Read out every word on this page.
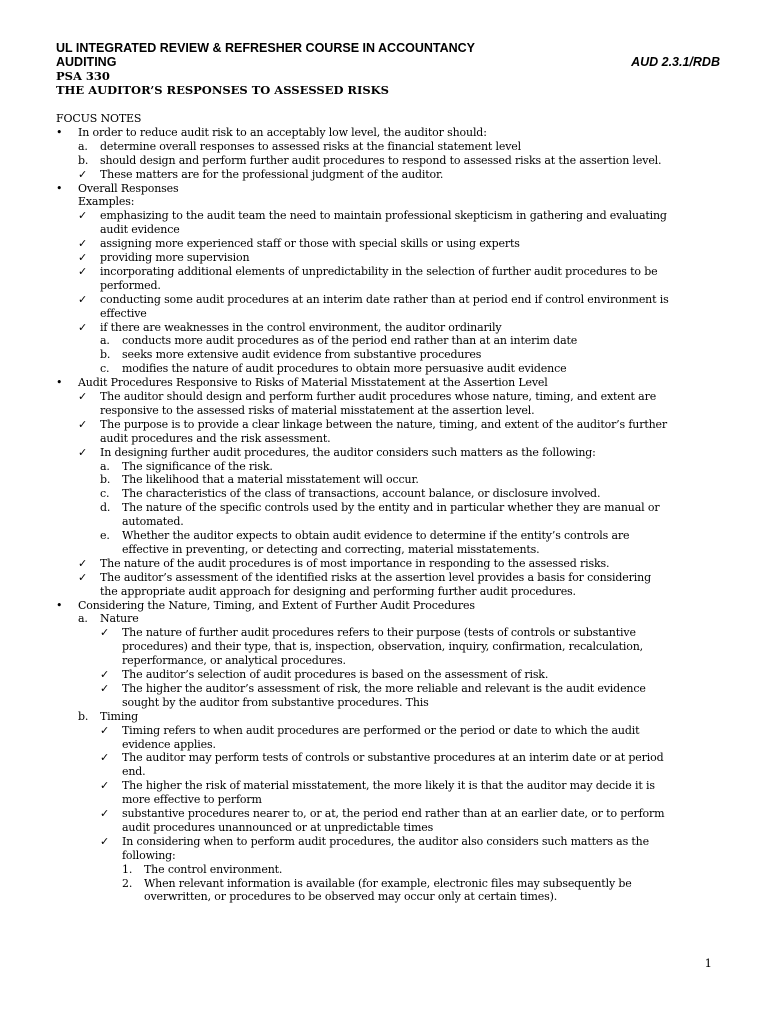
UL INTEGRATED REVIEW & REFRESHER COURSE IN ACCOUNTANCY
AUDITING	AUD 2.3.1/RDB
PSA 330
THE AUDITOR’S RESPONSES TO ASSESSED RISKS
FOCUS NOTES
• In order to reduce audit risk to an acceptably low level, the auditor should:
a. determine overall responses to assessed risks at the financial statement level
b. should design and perform further audit procedures to respond to assessed risks at the assertion level.
✓ These matters are for the professional judgment of the auditor.
• Overall Responses
Examples:
✓ emphasizing to the audit team the need to maintain professional skepticism in gathering and evaluating
audit evidence
✓ assigning more experienced staff or those with special skills or using experts
✓ providing more supervision
✓ incorporating additional elements of unpredictability in the selection of further audit procedures to be
performed.
✓ conducting some audit procedures at an interim date rather than at period end if control environment is
effective
✓ if there are weaknesses in the control environment, the auditor ordinarily
a. conducts more audit procedures as of the period end rather than at an interim date
b. seeks more extensive audit evidence from substantive procedures
c. modifies the nature of audit procedures to obtain more persuasive audit evidence
• Audit Procedures Responsive to Risks of Material Misstatement at the Assertion Level
✓ The auditor should design and perform further audit procedures whose nature, timing, and extent are
responsive to the assessed risks of material misstatement at the assertion level.
✓ The purpose is to provide a clear linkage between the nature, timing, and extent of the auditor’s further
audit procedures and the risk assessment.
✓ In designing further audit procedures, the auditor considers such matters as the following:
a. The significance of the risk.
b. The likelihood that a material misstatement will occur.
c. The characteristics of the class of transactions, account balance, or disclosure involved.
d. The nature of the specific controls used by the entity and in particular whether they are manual or
automated.
e. Whether the auditor expects to obtain audit evidence to determine if the entity’s controls are
effective in preventing, or detecting and correcting, material misstatements.
✓ The nature of the audit procedures is of most importance in responding to the assessed risks.
✓ The auditor’s assessment of the identified risks at the assertion level provides a basis for considering
the appropriate audit approach for designing and performing further audit procedures.
• Considering the Nature, Timing, and Extent of Further Audit Procedures
a. Nature
✓ The nature of further audit procedures refers to their purpose (tests of controls or substantive
procedures) and their type, that is, inspection, observation, inquiry, confirmation, recalculation,
reperformance, or analytical procedures.
✓ The auditor’s selection of audit procedures is based on the assessment of risk.
✓ The higher the auditor’s assessment of risk, the more reliable and relevant is the audit evidence
sought by the auditor from substantive procedures. This
b. Timing
✓ Timing refers to when audit procedures are performed or the period or date to which the audit
evidence applies.
✓ The auditor may perform tests of controls or substantive procedures at an interim date or at period
end.
✓ The higher the risk of material misstatement, the more likely it is that the auditor may decide it is
more effective to perform
✓ substantive procedures nearer to, or at, the period end rather than at an earlier date, or to perform
audit procedures unannounced or at unpredictable times
✓ In considering when to perform audit procedures, the auditor also considers such matters as the
following:
1. The control environment.
2. When relevant information is available (for example, electronic files may subsequently be
overwritten, or procedures to be observed may occur only at certain times).
1
